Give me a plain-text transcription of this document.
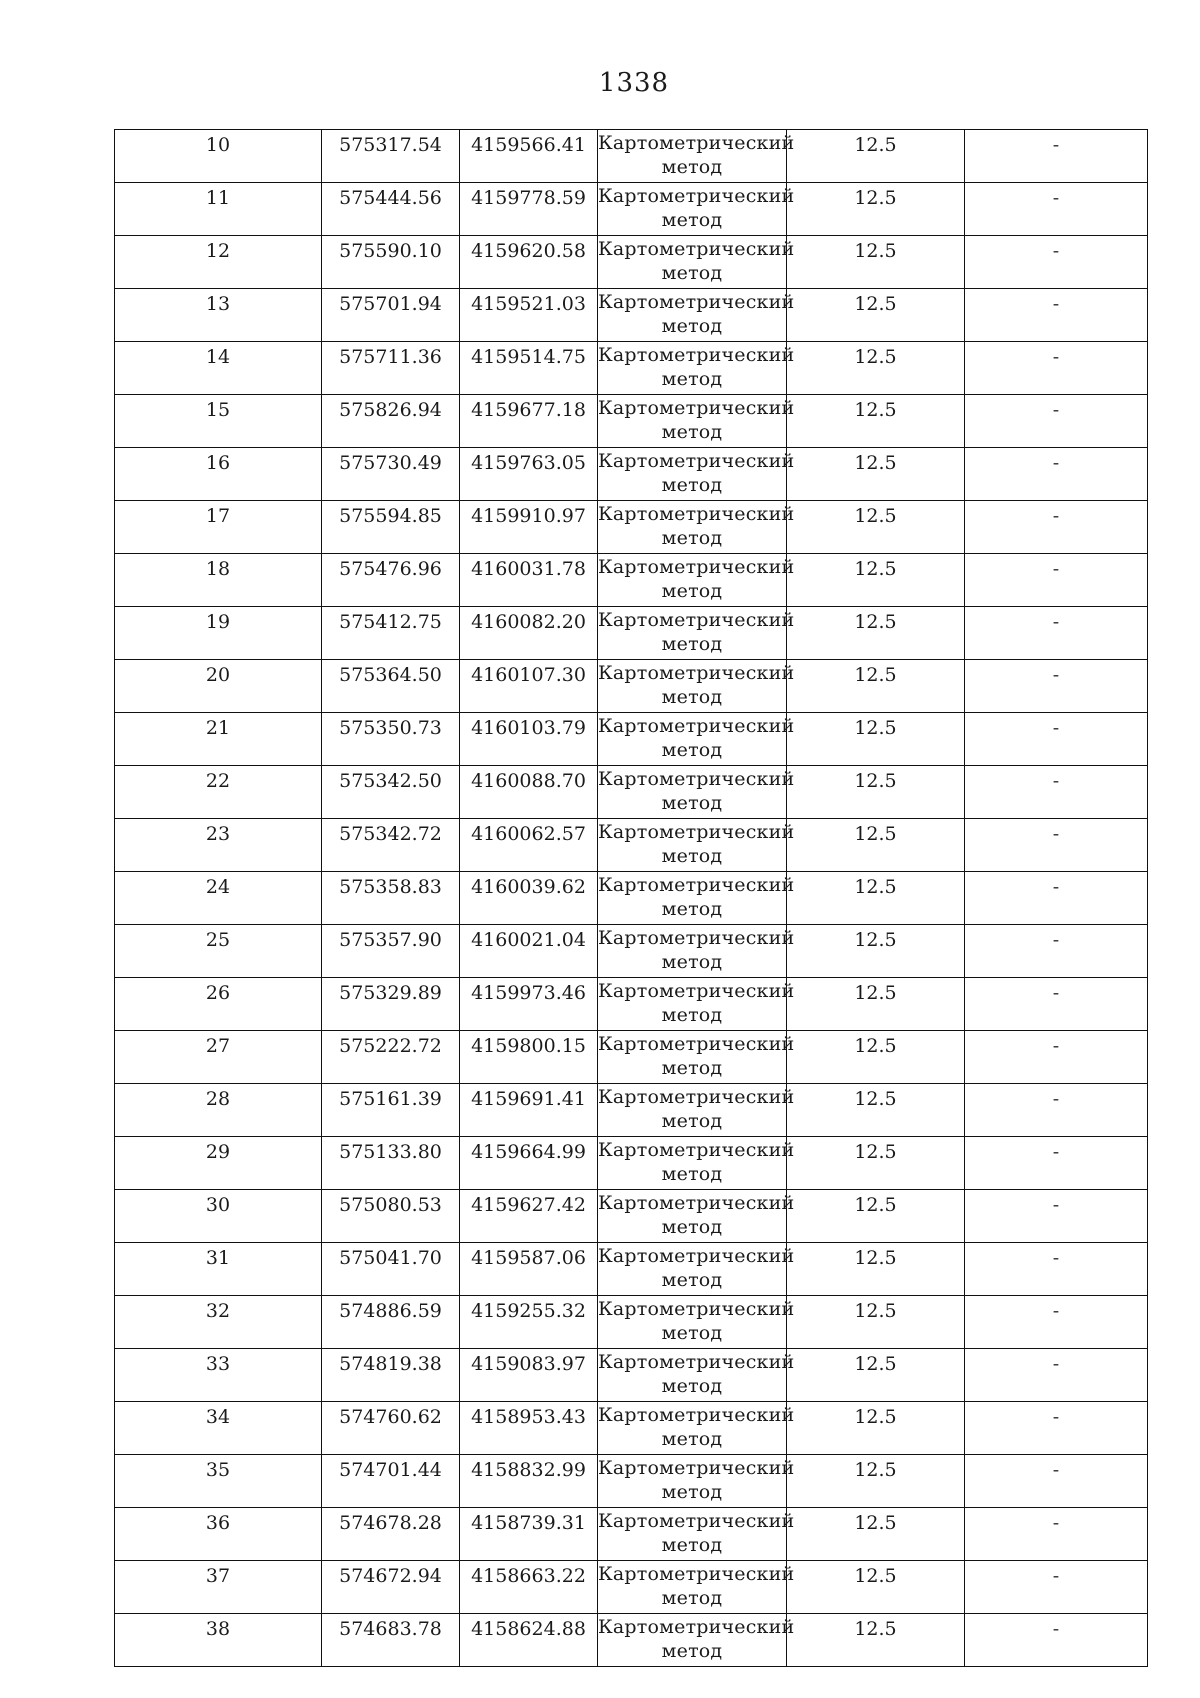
1338
10	575317.54	4159566.41	Картометрический метод	12.5	-
11	575444.56	4159778.59	Картометрический метод	12.5	-
12	575590.10	4159620.58	Картометрический метод	12.5	-
13	575701.94	4159521.03	Картометрический метод	12.5	-
14	575711.36	4159514.75	Картометрический метод	12.5	-
15	575826.94	4159677.18	Картометрический метод	12.5	-
16	575730.49	4159763.05	Картометрический метод	12.5	-
17	575594.85	4159910.97	Картометрический метод	12.5	-
18	575476.96	4160031.78	Картометрический метод	12.5	-
19	575412.75	4160082.20	Картометрический метод	12.5	-
20	575364.50	4160107.30	Картометрический метод	12.5	-
21	575350.73	4160103.79	Картометрический метод	12.5	-
22	575342.50	4160088.70	Картометрический метод	12.5	-
23	575342.72	4160062.57	Картометрический метод	12.5	-
24	575358.83	4160039.62	Картометрический метод	12.5	-
25	575357.90	4160021.04	Картометрический метод	12.5	-
26	575329.89	4159973.46	Картометрический метод	12.5	-
27	575222.72	4159800.15	Картометрический метод	12.5	-
28	575161.39	4159691.41	Картометрический метод	12.5	-
29	575133.80	4159664.99	Картометрический метод	12.5	-
30	575080.53	4159627.42	Картометрический метод	12.5	-
31	575041.70	4159587.06	Картометрический метод	12.5	-
32	574886.59	4159255.32	Картометрический метод	12.5	-
33	574819.38	4159083.97	Картометрический метод	12.5	-
34	574760.62	4158953.43	Картометрический метод	12.5	-
35	574701.44	4158832.99	Картометрический метод	12.5	-
36	574678.28	4158739.31	Картометрический метод	12.5	-
37	574672.94	4158663.22	Картометрический метод	12.5	-
38	574683.78	4158624.88	Картометрический метод	12.5	-
